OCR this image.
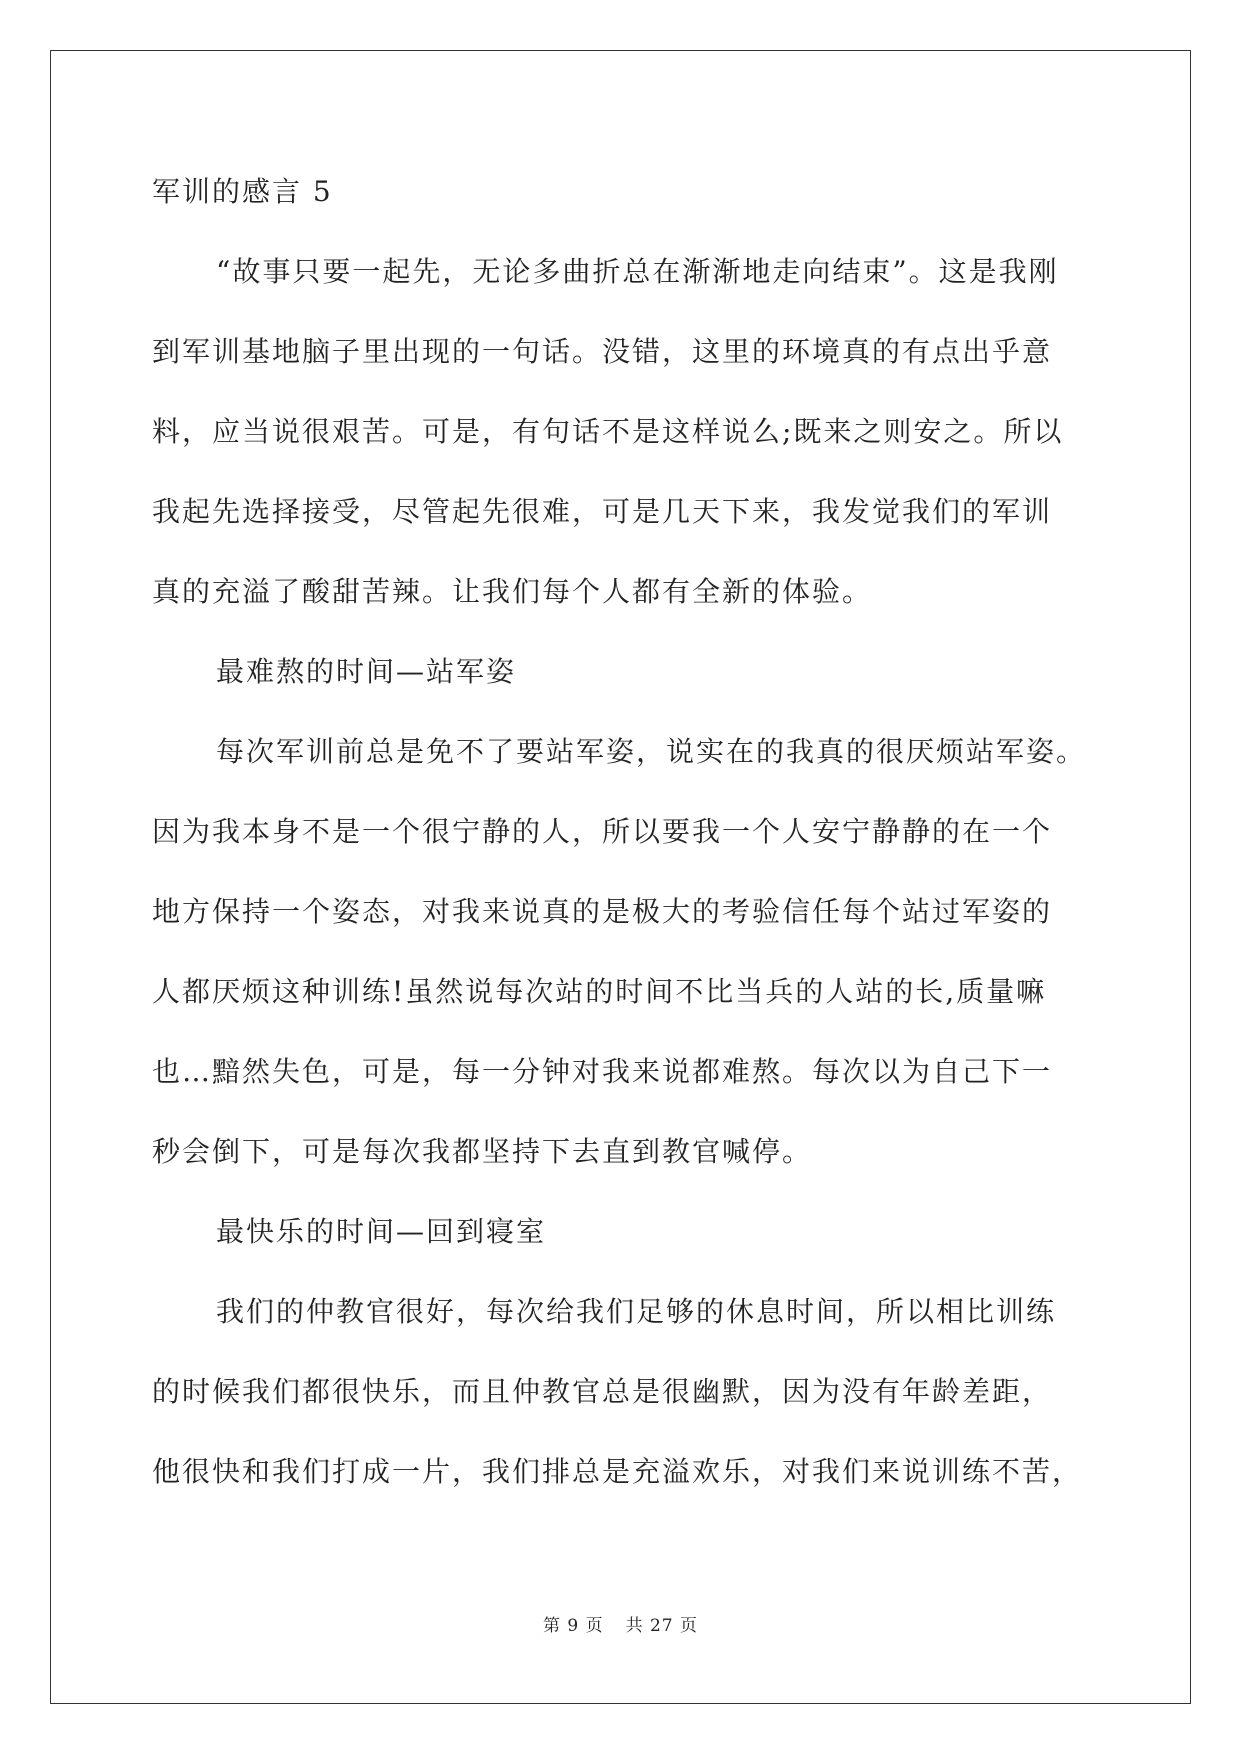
军训的感言 5
“故事只要一起先，无论多曲折总在渐渐地走向结束”。这是我刚
到军训基地脑子里出现的一句话。没错，这里的环境真的有点出乎意
料，应当说很艰苦。可是，有句话不是这样说么;既来之则安之。所以
我起先选择接受，尽管起先很难，可是几天下来，我发觉我们的军训
真的充溢了酸甜苦辣。让我们每个人都有全新的体验。
最难熬的时间—站军姿
每次军训前总是免不了要站军姿，说实在的我真的很厌烦站军姿。
因为我本身不是一个很宁静的人，所以要我一个人安宁静静的在一个
地方保持一个姿态，对我来说真的是极大的考验信任每个站过军姿的
人都厌烦这种训练!虽然说每次站的时间不比当兵的人站的长,质量嘛
也…黯然失色，可是，每一分钟对我来说都难熬。每次以为自己下一
秒会倒下，可是每次我都坚持下去直到教官喊停。
最快乐的时间—回到寝室
我们的仲教官很好，每次给我们足够的休息时间，所以相比训练
的时候我们都很快乐，而且仲教官总是很幽默，因为没有年龄差距，
他很快和我们打成一片，我们排总是充溢欢乐，对我们来说训练不苦，
第 9 页 共 27 页
